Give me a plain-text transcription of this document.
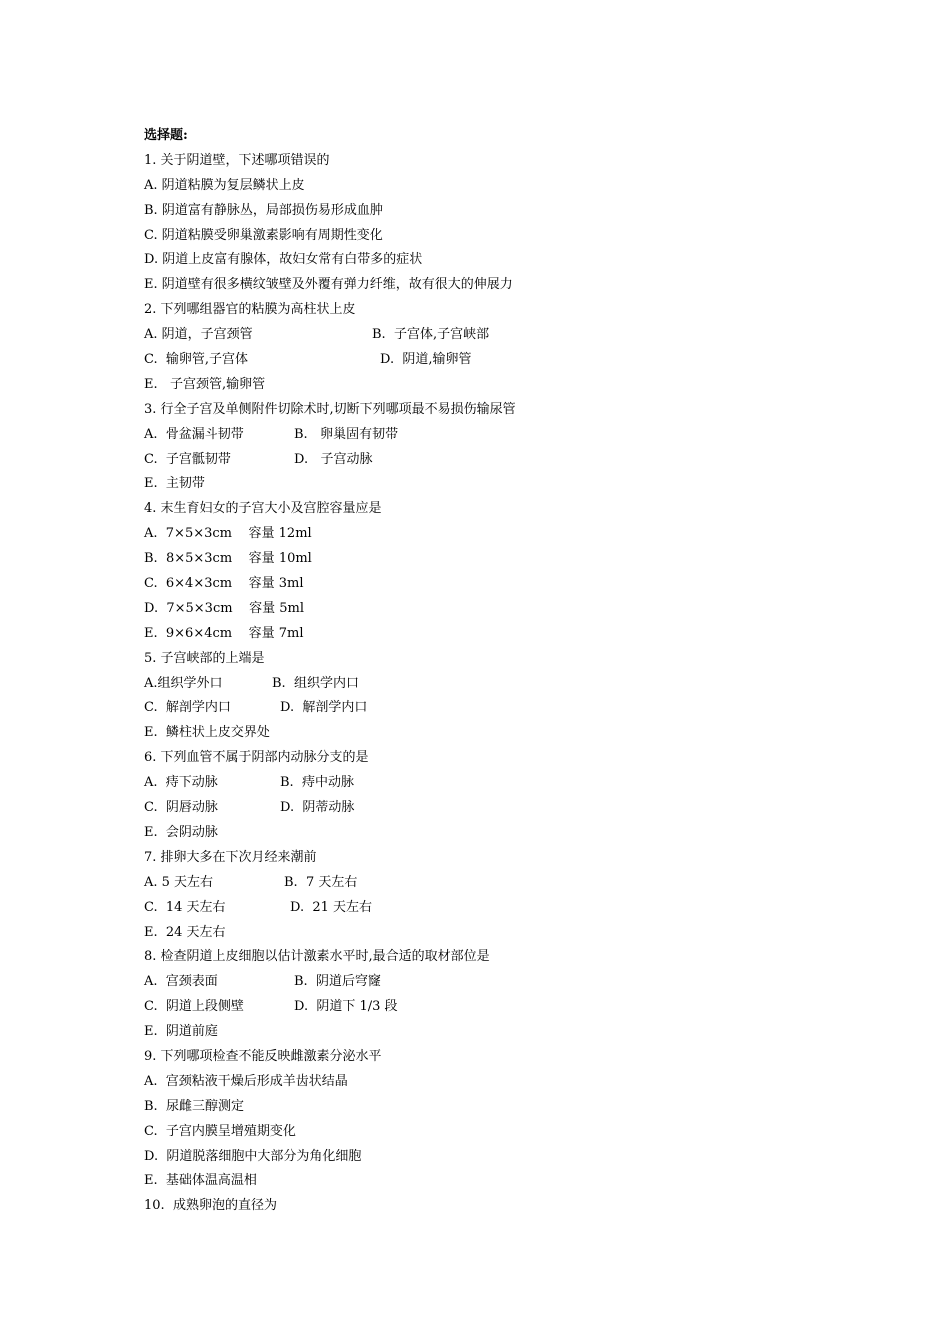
选择题:
1. 关于阴道壁，下述哪项错误的
A. 阴道粘膜为复层鳞状上皮
B. 阴道富有静脉丛，局部损伤易形成血肿
C. 阴道粘膜受卵巢激素影响有周期性变化
D. 阴道上皮富有腺体，故妇女常有白带多的症状
E. 阴道壁有很多横纹皱壁及外覆有弹力纤维，故有很大的伸展力
2. 下列哪组器官的粘膜为高柱状上皮
A. 阴道，子宫颈管	B.  子宫体,子宫峡部
C.  输卵管,子宫体	D.  阴道,输卵管
E.   子宫颈管,输卵管
3. 行全子宫及单侧附件切除术时,切断下列哪项最不易损伤输尿管
A.  骨盆漏斗韧带	B.   卵巢固有韧带
C.  子宫骶韧带	D.   子宫动脉
E.  主韧带
4. 末生育妇女的子宫大小及宫腔容量应是
A.  7×5×3cm    容量 12ml
B.  8×5×3cm    容量 10ml
C.  6×4×3cm    容量 3ml
D.  7×5×3cm    容量 5ml
E.  9×6×4cm    容量 7ml
5. 子宫峡部的上端是
A.组织学外口	B.  组织学内口
C.  解剖学内口	D.  解剖学内口
E.  鳞柱状上皮交界处
6. 下列血管不属于阴部内动脉分支的是
A.  痔下动脉	B.  痔中动脉
C.  阴唇动脉	D.  阴蒂动脉
E.  会阴动脉
7. 排卵大多在下次月经来潮前
A. 5 天左右	B.  7 天左右
C.  14 天左右	D.  21 天左右
E.  24 天左右
8. 检查阴道上皮细胞以估计激素水平时,最合适的取材部位是
A.  宫颈表面	B.  阴道后穹窿
C.  阴道上段侧壁	D.  阴道下 1/3 段
E.  阴道前庭
9. 下列哪项检查不能反映雌激素分泌水平
A.  宫颈粘液干燥后形成羊齿状结晶
B.  尿雌三醇测定
C.  子宫内膜呈增殖期变化
D.  阴道脱落细胞中大部分为角化细胞
E.  基础体温高温相
10.  成熟卵泡的直径为
